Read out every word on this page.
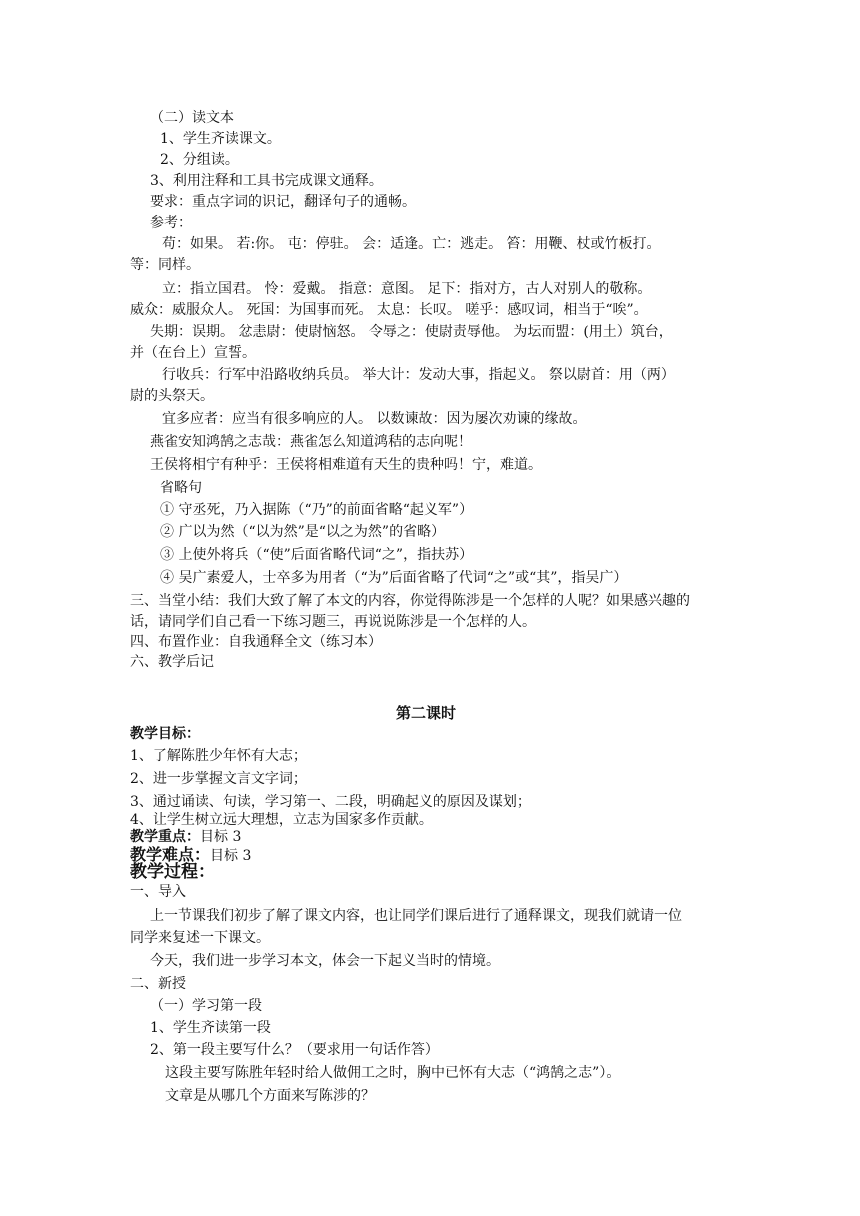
（二）读文本
1、学生齐读课文。
2、分组读。
3、利用注释和工具书完成课文通释。
要求：重点字词的识记，翻译句子的通畅。
参考：
苟：如果。 若:你。 屯：停驻。 会：适逢。亡：逃走。 笞：用鞭、杖或竹板打。
等：同样。
立：指立国君。 怜：爱戴。 指意：意图。 足下：指对方，古人对别人的敬称。
威众：威服众人。 死国：为国事而死。 太息：长叹。 嗟乎：感叹词，相当于“唉”。
失期：误期。 忿恚尉：使尉恼怒。 令辱之：使尉责辱他。 为坛而盟：(用土）筑台，
并（在台上）宣誓。
行收兵：行军中沿路收纳兵员。 举大计：发动大事，指起义。 祭以尉首：用（两）
尉的头祭天。
宜多应者：应当有很多响应的人。 以数谏故：因为屡次劝谏的缘故。
燕雀安知鸿鹄之志哉：燕雀怎么知道鸿秸的志向呢！
王侯将相宁有种乎：王侯将相难道有天生的贵种吗！宁，难道。
省略句
① 守丞死，乃入据陈（“乃”的前面省略“起义军”）
② 广以为然（“以为然”是“以之为然”的省略）
③ 上使外将兵（“使”后面省略代词“之”，指扶苏）
④ 吴广素爱人，士卒多为用者（“为”后面省略了代词“之”或“其”，指吴广）
三、当堂小结：我们大致了解了本文的内容，你觉得陈涉是一个怎样的人呢？如果感兴趣的
话，请同学们自己看一下练习题三，再说说陈涉是一个怎样的人。
四、布置作业：自我通释全文（练习本）
六、教学后记
第二课时
教学目标：
1、了解陈胜少年怀有大志；
2、进一步掌握文言文字词；
3、通过诵读、句读，学习第一、二段，明确起义的原因及谋划；
4、让学生树立远大理想，立志为国家多作贡献。
教学重点：目标 3
教学难点：目标 3
教学过程：
一、导入
上一节课我们初步了解了课文内容，也让同学们课后进行了通释课文，现我们就请一位
同学来复述一下课文。
今天，我们进一步学习本文，体会一下起义当时的情境。
二、新授
（一）学习第一段
1、学生齐读第一段
2、第一段主要写什么？（要求用一句话作答）
这段主要写陈胜年轻时给人做佣工之时，胸中已怀有大志（“鸿鹄之志”）。
文章是从哪几个方面来写陈涉的？
